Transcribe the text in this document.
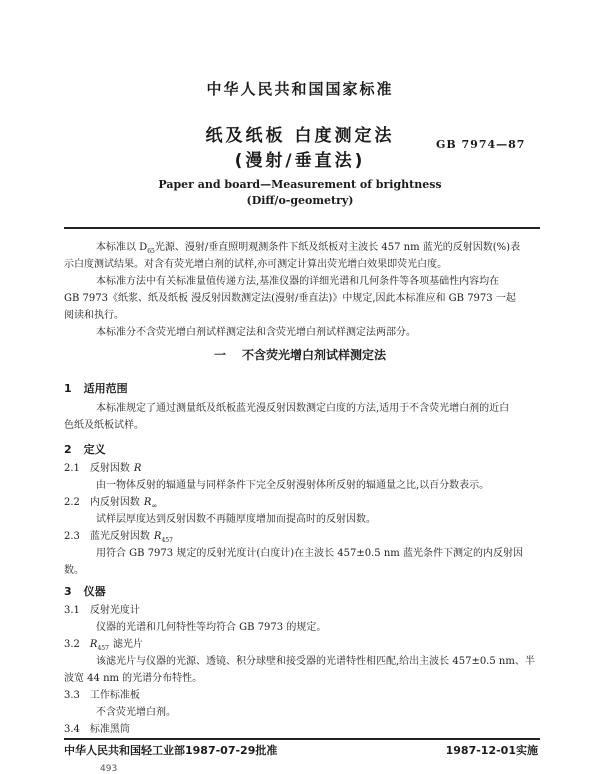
中华人民共和国国家标准
纸及纸板 白度测定法
(漫射/垂直法)
GB 7974—87
Paper and board—Measurement of brightness
(Diff/o-geometry)
本标准以 $D_{65}$光源、漫射/垂直照明观测条件下纸及纸板对主波长 457 nm 蓝光的反射因数(%)表
示白度测试结果。对含有荧光增白剂的试样,亦可测定计算出荧光增白效果即荧光白度。
本标准方法中有关标准量值传递方法,基准仪器的详细光谱和几何条件等各项基础性内容均在
GB 7973《纸浆、纸及纸板 漫反射因数测定法(漫射/垂直法)》中规定,因此本标准应和 GB 7973 一起
阅读和执行。
本标准分不含荧光增白剂试样测定法和含荧光增白剂试样测定法两部分。
一 不含荧光增白剂试样测定法
1 适用范围
本标准规定了通过测量纸及纸板蓝光漫反射因数测定白度的方法,适用于不含荧光增白剂的近白
色纸及纸板试样。
2 定义
2.1 反射因数 R
由一物体反射的辐通量与同样条件下完全反射漫射体所反射的辐通量之比,以百分数表示。
2.2 内反射因数 $R_\infty$
试样层厚度达到反射因数不再随厚度增加而提高时的反射因数。
2.3 蓝光反射因数 $R_{457}$
用符合 GB 7973 规定的反射光度计(白度计)在主波长 457±0.5 nm 蓝光条件下测定的内反射因
数。
3 仪器
3.1 反射光度计
仪器的光谱和几何特性等均符合 GB 7973 的规定。
3.2 $R_{457}$ 滤光片
该滤光片与仪器的光源、透镜、积分球壁和接受器的光谱特性相匹配,给出主波长 457±0.5 nm、半
波宽 44 nm 的光谱分布特性。
3.3 工作标准板
不含荧光增白剂。
3.4 标准黑筒
中华人民共和国轻工业部1987-07-29批准	1987-12-01实施
493
